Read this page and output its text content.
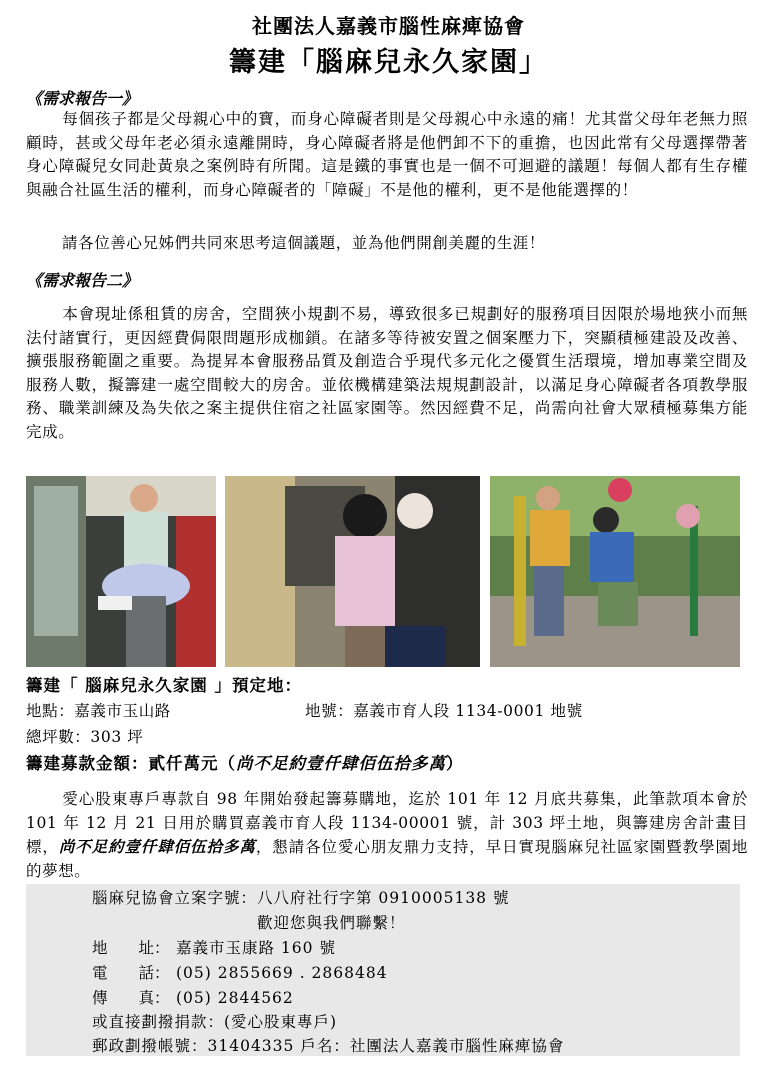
社團法人嘉義市腦性麻痺協會
籌建「腦麻兒永久家園」
《需求報告一》

每個孩子都是父母親心中的寶，而身心障礙者則是父母親心中永遠的痛！尤其當父母年老無力照顧時，甚或父母年老必須永遠離開時，身心障礙者將是他們卸不下的重擔，也因此常有父母選擇帶著身心障礙兒女同赴黃泉之案例時有所聞。這是鐵的事實也是一個不可迴避的議題！每個人都有生存權與融合社區生活的權利，而身心障礙者的「障礙」不是他的權利，更不是他能選擇的！

請各位善心兄姊們共同來思考這個議題，並為他們開創美麗的生涯！

《需求報告二》

本會現址係租賃的房舍，空間狹小規劃不易，導致很多已規劃好的服務項目因限於場地狹小而無法付諸實行，更因經費侷限問題形成枷鎖。在諸多等待被安置之個案壓力下，突顯積極建設及改善、擴張服務範圍之重要。為提昇本會服務品質及創造合乎現代多元化之優質生活環境，增加專業空間及服務人數，擬籌建一處空間較大的房舍。並依機構建築法規規劃設計，以滿足身心障礙者各項教學服務、職業訓練及為失依之案主提供住宿之社區家園等。然因經費不足，尚需向社會大眾積極募集方能完成。

籌建「 腦麻兒永久家園 」預定地：
地點：嘉義市玉山路	地號：嘉義市育人段 1134-0001 地號
總坪數：303 坪
籌建募款金額：貳仟萬元（尚不足約壹仟肆佰伍拾多萬）

愛心股東專戶專款自 98 年開始發起籌募購地，迄於 101 年 12 月底共募集，此筆款項本會於 101 年 12 月 21 日用於購買嘉義市育人段 1134-00001 號，計 303 坪土地，與籌建房舍計畫目標，尚不足約壹仟肆佰伍拾多萬，懇請各位愛心朋友鼎力支持，早日實現腦麻兒社區家園暨教學園地的夢想。

腦麻兒協會立案字號：八八府社行字第 0910005138 號
歡迎您與我們聯繫！
地　　址： 嘉義市玉康路 160 號
電　　話： (05) 2855669 . 2868484
傳　　真： (05) 2844562
或直接劃撥捐款：(愛心股東專戶)
郵政劃撥帳號：31404335 戶名：社團法人嘉義市腦性麻痺協會
